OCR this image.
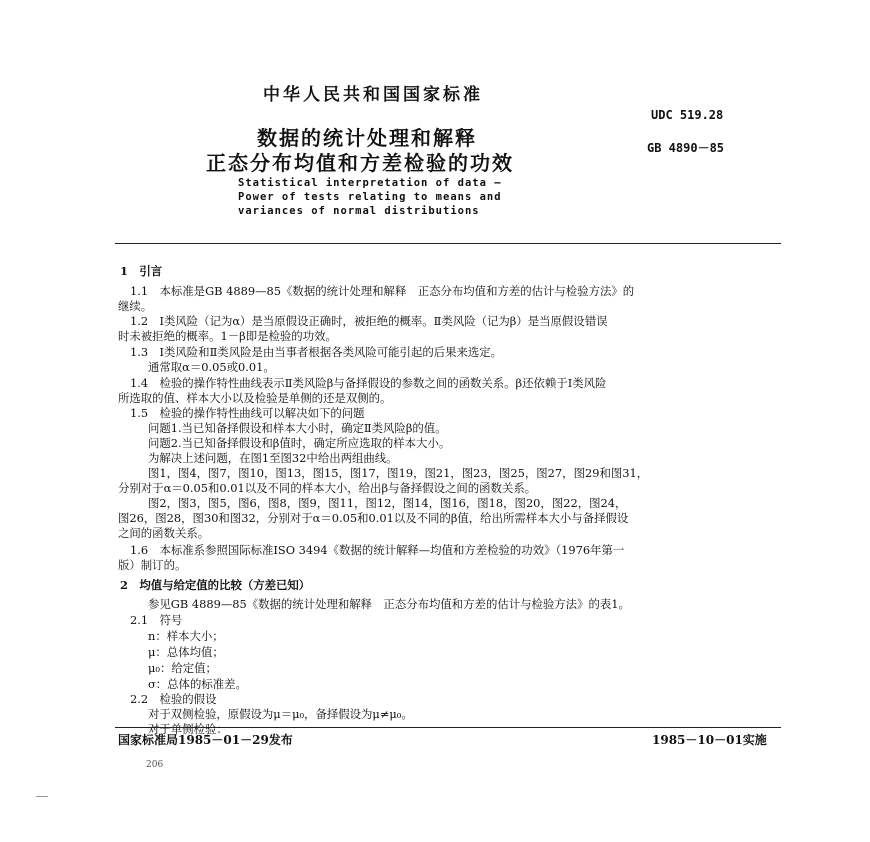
中华人民共和国国家标准
UDC 519.28
数据的统计处理和解释	GB 4890－85
正态分布均值和方差检验的功效
Statistical interpretation of data —
Power of tests relating to means and
variances of normal distributions
1　引言
1.1　本标准是GB 4889—85《数据的统计处理和解释　正态分布均值和方差的估计与检验方法》的
继续。
1.2　Ⅰ类风险（记为α）是当原假设正确时，被拒绝的概率。Ⅱ类风险（记为β）是当原假设错误
时未被拒绝的概率。1－β即是检验的功效。
1.3　Ⅰ类风险和Ⅱ类风险是由当事者根据各类风险可能引起的后果来选定。
通常取α＝0.05或0.01。
1.4　检验的操作特性曲线表示Ⅱ类风险β与备择假设的参数之间的函数关系。β还依赖于Ⅰ类风险
所选取的值、样本大小以及检验是单侧的还是双侧的。
1.5　检验的操作特性曲线可以解决如下的问题
问题1.当已知备择假设和样本大小时，确定Ⅱ类风险β的值。
问题2.当已知备择假设和β值时，确定所应选取的样本大小。
为解决上述问题，在图1至图32中给出两组曲线。
图1，图4，图7，图10，图13，图15，图17，图19，图21，图23，图25，图27，图29和图31，
分别对于α＝0.05和0.01以及不同的样本大小，给出β与备择假设之间的函数关系。
图2，图3，图5，图6，图8，图9，图11，图12，图14，图16，图18，图20，图22，图24，
图26，图28，图30和图32，分别对于α＝0.05和0.01以及不同的β值，给出所需样本大小与备择假设
之间的函数关系。
1.6　本标准系参照国际标准ISO 3494《数据的统计解释—均值和方差检验的功效》（1976年第一
版）制订的。
2　均值与给定值的比较（方差已知）
参见GB 4889—85《数据的统计处理和解释　正态分布均值和方差的估计与检验方法》的表1。
2.1　符号
n：样本大小；
μ：总体均值；
μ₀：给定值；
σ：总体的标准差。
2.2　检验的假设
对于双侧检验，原假设为μ＝μ₀，备择假设为μ≠μ₀。
对于单侧检验：
国家标准局1985－01－29发布	1985－10－01实施
206
